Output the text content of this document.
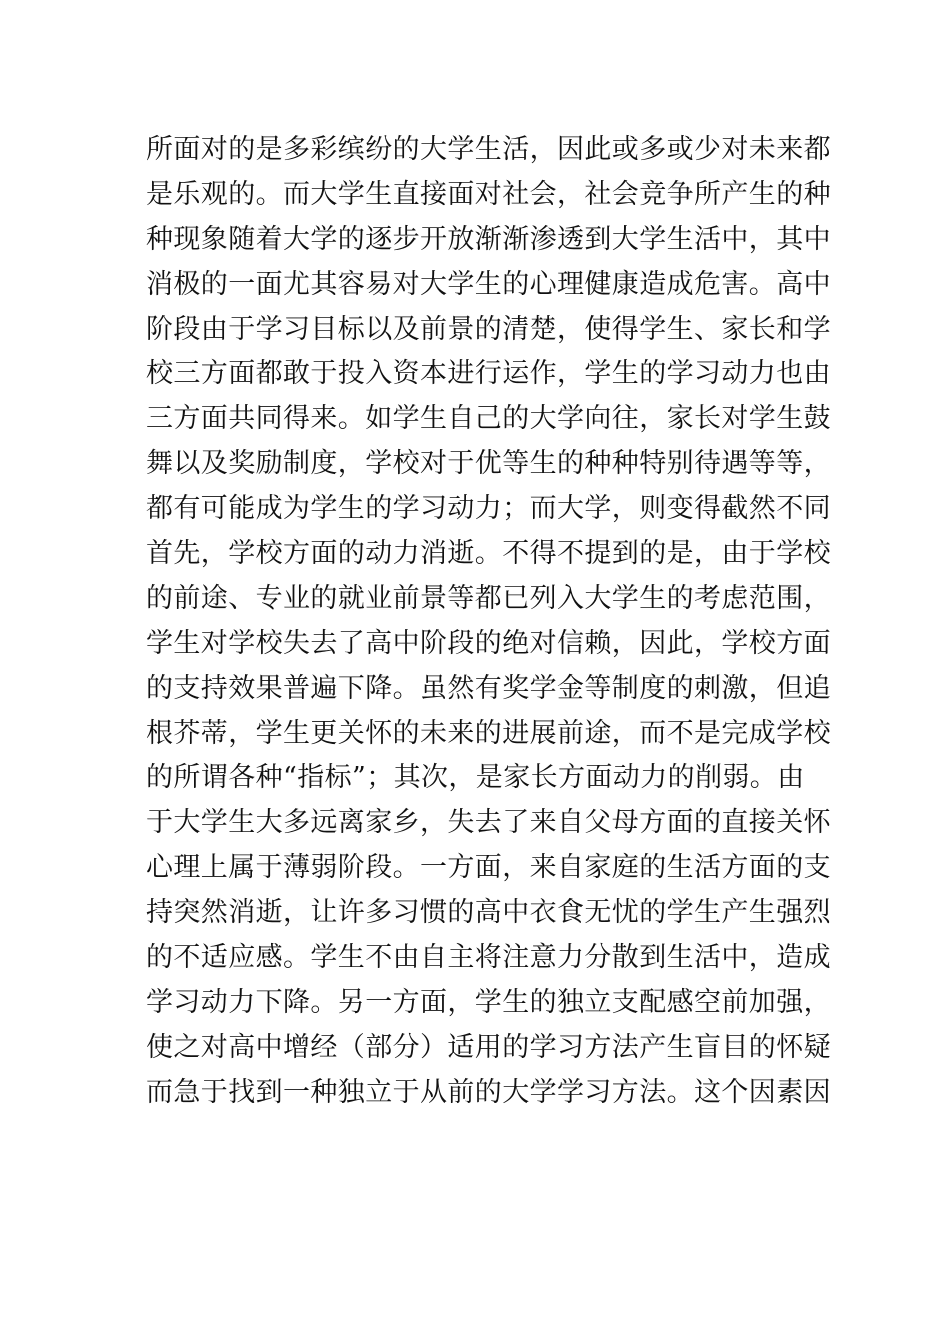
所面对的是多彩缤纷的大学生活，因此或多或少对未来都
是乐观的。而大学生直接面对社会，社会竞争所产生的种
种现象随着大学的逐步开放渐渐渗透到大学生活中，其中
消极的一面尤其容易对大学生的心理健康造成危害。高中
阶段由于学习目标以及前景的清楚，使得学生、家长和学
校三方面都敢于投入资本进行运作，学生的学习动力也由
三方面共同得来。如学生自己的大学向往，家长对学生鼓
舞以及奖励制度，学校对于优等生的种种特别待遇等等，
都有可能成为学生的学习动力；而大学，则变得截然不同
首先，学校方面的动力消逝。不得不提到的是，由于学校
的前途、专业的就业前景等都已列入大学生的考虑范围，
学生对学校失去了高中阶段的绝对信赖，因此，学校方面
的支持效果普遍下降。虽然有奖学金等制度的刺激，但追
根芥蒂，学生更关怀的未来的进展前途，而不是完成学校
的所谓各种“指标”；其次，是家长方面动力的削弱。由
于大学生大多远离家乡，失去了来自父母方面的直接关怀
心理上属于薄弱阶段。一方面，来自家庭的生活方面的支
持突然消逝，让许多习惯的高中衣食无忧的学生产生强烈
的不适应感。学生不由自主将注意力分散到生活中，造成
学习动力下降。另一方面，学生的独立支配感空前加强，
使之对高中增经（部分）适用的学习方法产生盲目的怀疑
而急于找到一种独立于从前的大学学习方法。这个因素因
